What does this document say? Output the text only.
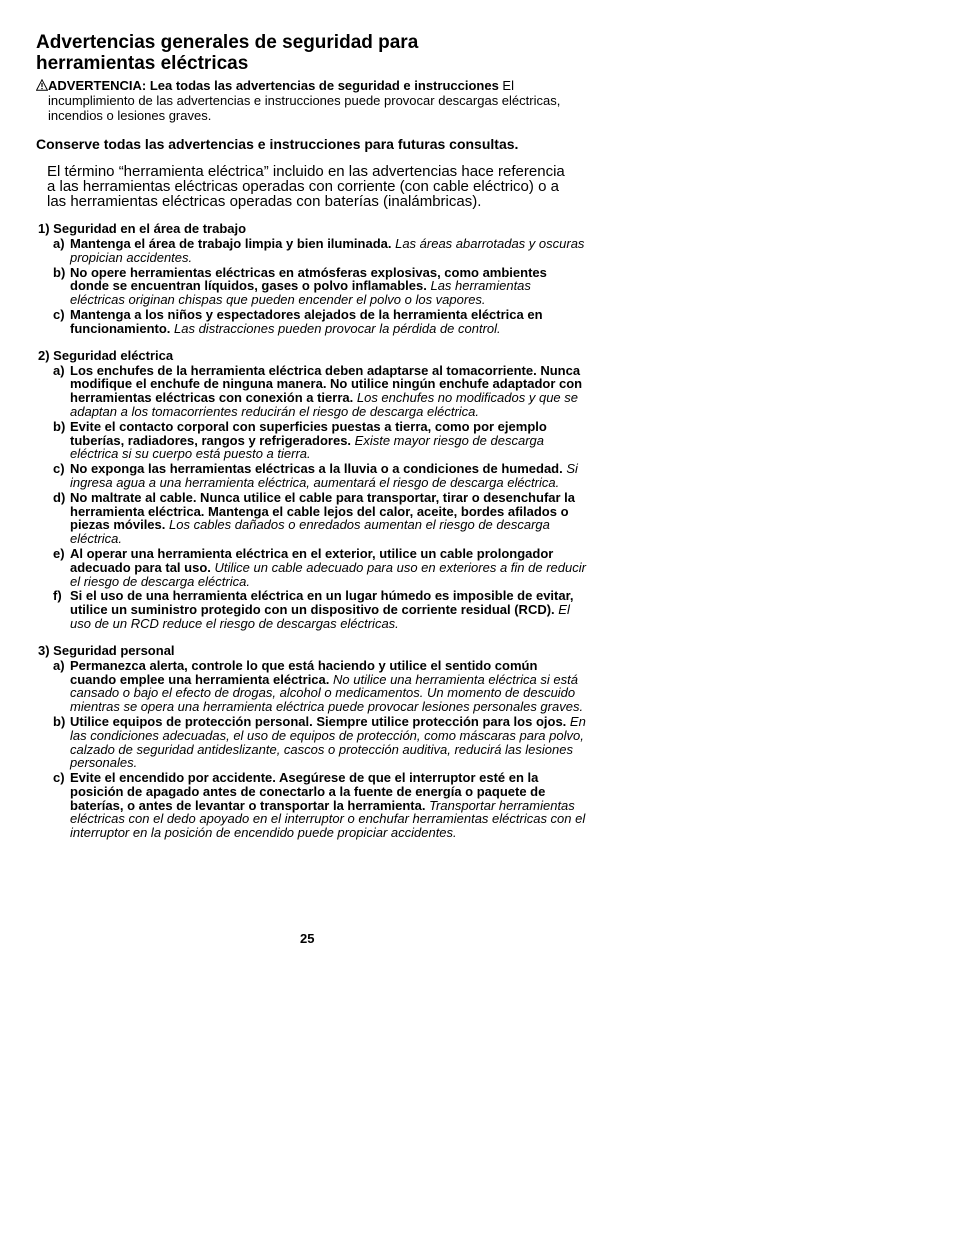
Advertencias generales de seguridad para
herramientas eléctricas

ADVERTENCIA: Lea todas las advertencias de seguridad e instrucciones El incumplimiento de las advertencias e instrucciones puede provocar descargas eléctricas, incendios o lesiones graves.

Conserve todas las advertencias e instrucciones para futuras consultas.

El término “herramienta eléctrica” incluido en las advertencias hace referencia a las herramientas eléctricas operadas con corriente (con cable eléctrico) o a las herramientas eléctricas operadas con baterías (inalámbricas).

1) Seguridad en el área de trabajo

a) Mantenga el área de trabajo limpia y bien iluminada. Las áreas abarrotadas y oscuras propician accidentes.
b) No opere herramientas eléctricas en atmósferas explosivas, como ambientes donde se encuentran líquidos, gases o polvo inflamables. Las herramientas eléctricas originan chispas que pueden encender el polvo o los vapores.
c) Mantenga a los niños y espectadores alejados de la herramienta eléctrica en funcionamiento. Las distracciones pueden provocar la pérdida de control.

2) Seguridad eléctrica

a) Los enchufes de la herramienta eléctrica deben adaptarse al tomacorriente. Nunca modifique el enchufe de ninguna manera. No utilice ningún enchufe adaptador con herramientas eléctricas con conexión a tierra. Los enchufes no modificados y que se adaptan a los tomacorrientes reducirán el riesgo de descarga eléctrica.
b) Evite el contacto corporal con superficies puestas a tierra, como por ejemplo tuberías, radiadores, rangos y refrigeradores. Existe mayor riesgo de descarga eléctrica si su cuerpo está puesto a tierra.
c) No exponga las herramientas eléctricas a la lluvia o a condiciones de humedad. Si ingresa agua a una herramienta eléctrica, aumentará el riesgo de descarga eléctrica.
d) No maltrate al cable. Nunca utilice el cable para transportar, tirar o desenchufar la herramienta eléctrica. Mantenga el cable lejos del calor, aceite, bordes afilados o piezas móviles. Los cables dañados o enredados aumentan el riesgo de descarga eléctrica.
e) Al operar una herramienta eléctrica en el exterior, utilice un cable prolongador adecuado para tal uso. Utilice un cable adecuado para uso en exteriores a fin de reducir el riesgo de descarga eléctrica.
f) Si el uso de una herramienta eléctrica en un lugar húmedo es imposible de evitar, utilice un suministro protegido con un dispositivo de corriente residual (RCD). El uso de un RCD reduce el riesgo de descargas eléctricas.

3) Seguridad personal

a) Permanezca alerta, controle lo que está haciendo y utilice el sentido común cuando emplee una herramienta eléctrica. No utilice una herramienta eléctrica si está cansado o bajo el efecto de drogas, alcohol o medicamentos. Un momento de descuido mientras se opera una herramienta eléctrica puede provocar lesiones personales graves.
b) Utilice equipos de protección personal. Siempre utilice protección para los ojos. En las condiciones adecuadas, el uso de equipos de protección, como máscaras para polvo, calzado de seguridad antideslizante, cascos o protección auditiva, reducirá las lesiones personales.
c) Evite el encendido por accidente. Asegúrese de que el interruptor esté en la posición de apagado antes de conectarlo a la fuente de energía o paquete de baterías, o antes de levantar o transportar la herramienta. Transportar herramientas eléctricas con el dedo apoyado en el interruptor o enchufar herramientas eléctricas con el interruptor en la posición de encendido puede propiciar accidentes.
25
